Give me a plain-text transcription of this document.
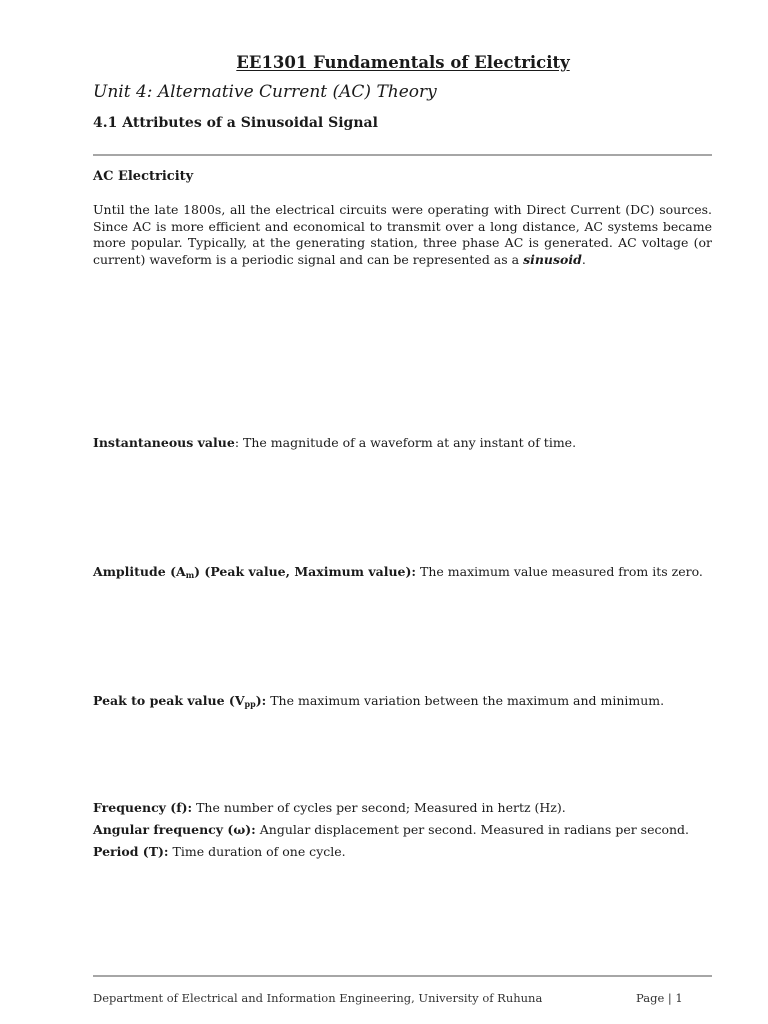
EE1301 Fundamentals of Electricity
Unit 4: Alternative Current (AC) Theory
4.1 Attributes of a Sinusoidal Signal
AC Electricity
Until the late 1800s, all the electrical circuits were operating with Direct Current (DC) sources. Since AC is more efficient and economical to transmit over a long distance, AC systems became more popular. Typically, at the generating station, three phase AC is generated. AC voltage (or current) waveform is a periodic signal and can be represented as a sinusoid.
Instantaneous value: The magnitude of a waveform at any instant of time.
Amplitude $(A_m)$ (Peak value, Maximum value): The maximum value measured from its zero.
Peak to peak value $(V_{pp})$: The maximum variation between the maximum and minimum.
Frequency (f): The number of cycles per second; Measured in hertz (Hz).
Angular frequency (ω): Angular displacement per second. Measured in radians per second.
Period (T): Time duration of one cycle.
Department of Electrical and Information Engineering, University of Ruhuna	Page | 1
